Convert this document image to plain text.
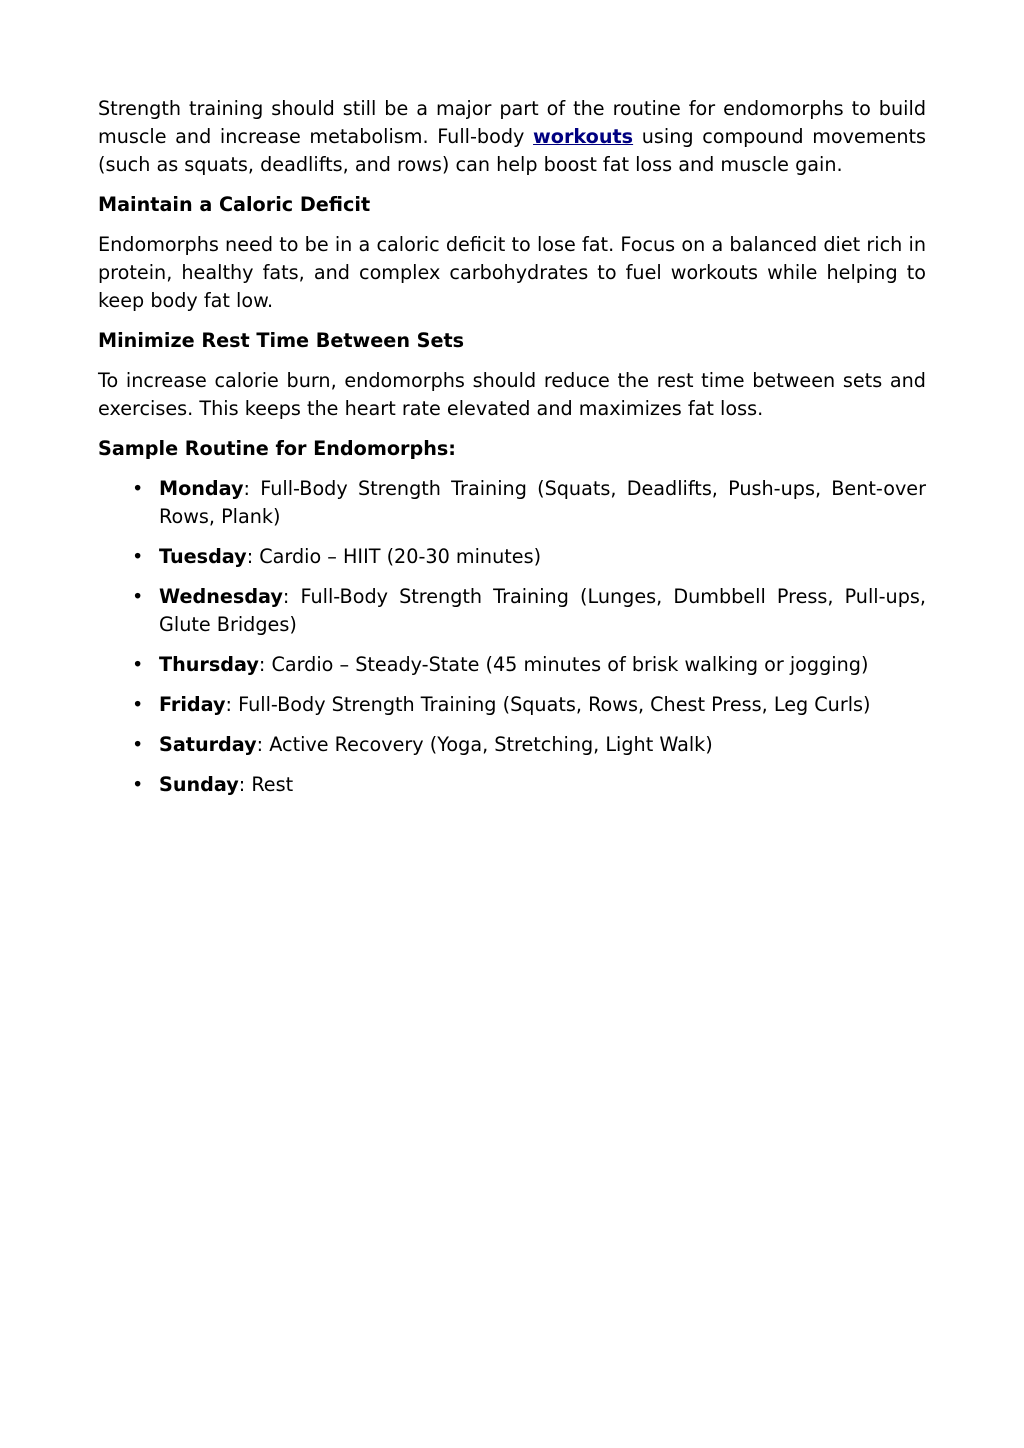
Strength training should still be a major part of the routine for endomorphs to build muscle and increase metabolism. Full-body workouts using compound movements (such as squats, deadlifts, and rows) can help boost fat loss and muscle gain.

Maintain a Caloric Deficit

Endomorphs need to be in a caloric deficit to lose fat. Focus on a balanced diet rich in protein, healthy fats, and complex carbohydrates to fuel workouts while helping to keep body fat low.

Minimize Rest Time Between Sets

To increase calorie burn, endomorphs should reduce the rest time between sets and exercises. This keeps the heart rate elevated and maximizes fat loss.

Sample Routine for Endomorphs:
• Monday: Full-Body Strength Training (Squats, Deadlifts, Push-ups, Bent-over Rows, Plank)
• Tuesday: Cardio – HIIT (20-30 minutes)
• Wednesday: Full-Body Strength Training (Lunges, Dumbbell Press, Pull-ups, Glute Bridges)
• Thursday: Cardio – Steady-State (45 minutes of brisk walking or jogging)
• Friday: Full-Body Strength Training (Squats, Rows, Chest Press, Leg Curls)
• Saturday: Active Recovery (Yoga, Stretching, Light Walk)
• Sunday: Rest
